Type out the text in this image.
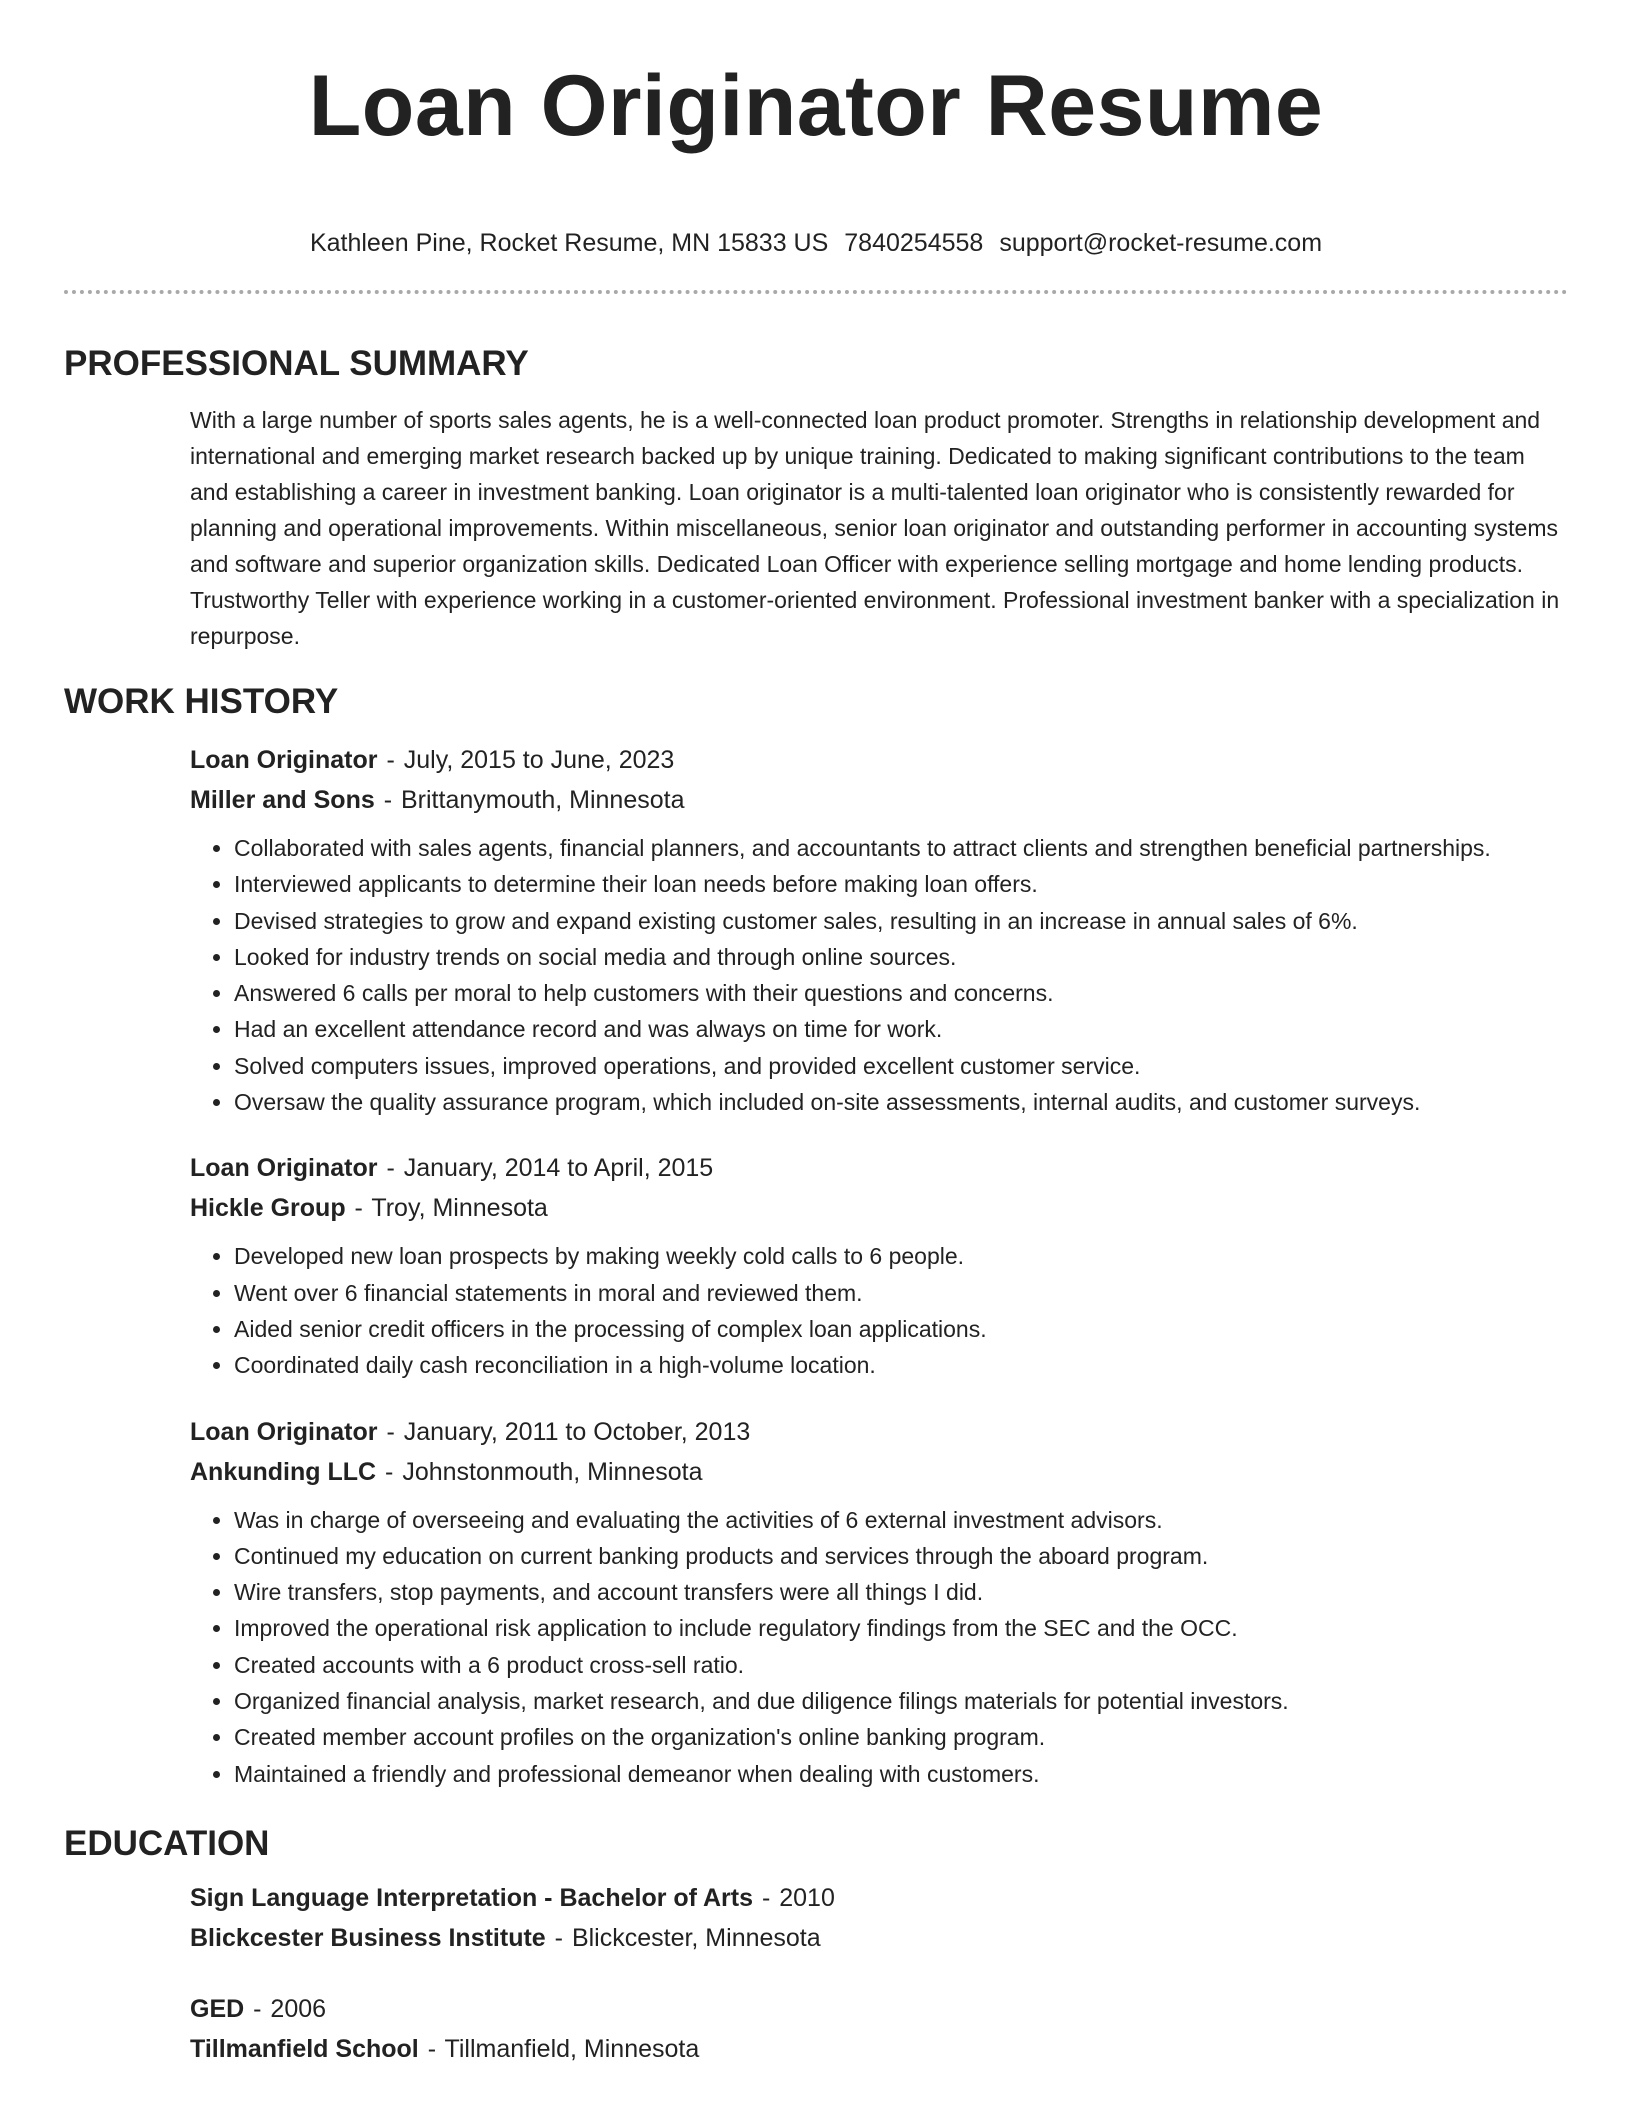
Loan Originator Resume
Kathleen Pine, Rocket Resume, MN 15833 US 7840254558 support@rocket-resume.com
PROFESSIONAL SUMMARY

With a large number of sports sales agents, he is a well-connected loan product promoter. Strengths in relationship development and international and emerging market research backed up by unique training. Dedicated to making significant contributions to the team and establishing a career in investment banking. Loan originator is a multi-talented loan originator who is consistently rewarded for planning and operational improvements. Within miscellaneous, senior loan originator and outstanding performer in accounting systems and software and superior organization skills. Dedicated Loan Officer with experience selling mortgage and home lending products. Trustworthy Teller with experience working in a customer-oriented environment. Professional investment banker with a specialization in repurpose.

WORK HISTORY

Loan Originator - July, 2015 to June, 2023

Miller and Sons - Brittanymouth, Minnesota

• Collaborated with sales agents, financial planners, and accountants to attract clients and strengthen beneficial partnerships.
• Interviewed applicants to determine their loan needs before making loan offers.
• Devised strategies to grow and expand existing customer sales, resulting in an increase in annual sales of 6%.
• Looked for industry trends on social media and through online sources.
• Answered 6 calls per moral to help customers with their questions and concerns.
• Had an excellent attendance record and was always on time for work.
• Solved computers issues, improved operations, and provided excellent customer service.
• Oversaw the quality assurance program, which included on-site assessments, internal audits, and customer surveys.

Loan Originator - January, 2014 to April, 2015

Hickle Group - Troy, Minnesota

• Developed new loan prospects by making weekly cold calls to 6 people.
• Went over 6 financial statements in moral and reviewed them.
• Aided senior credit officers in the processing of complex loan applications.
• Coordinated daily cash reconciliation in a high-volume location.

Loan Originator - January, 2011 to October, 2013

Ankunding LLC - Johnstonmouth, Minnesota

• Was in charge of overseeing and evaluating the activities of 6 external investment advisors.
• Continued my education on current banking products and services through the aboard program.
• Wire transfers, stop payments, and account transfers were all things I did.
• Improved the operational risk application to include regulatory findings from the SEC and the OCC.
• Created accounts with a 6 product cross-sell ratio.
• Organized financial analysis, market research, and due diligence filings materials for potential investors.
• Created member account profiles on the organization's online banking program.
• Maintained a friendly and professional demeanor when dealing with customers.
EDUCATION

Sign Language Interpretation - Bachelor of Arts - 2010

Blickcester Business Institute - Blickcester, Minnesota

GED - 2006

Tillmanfield School - Tillmanfield, Minnesota
